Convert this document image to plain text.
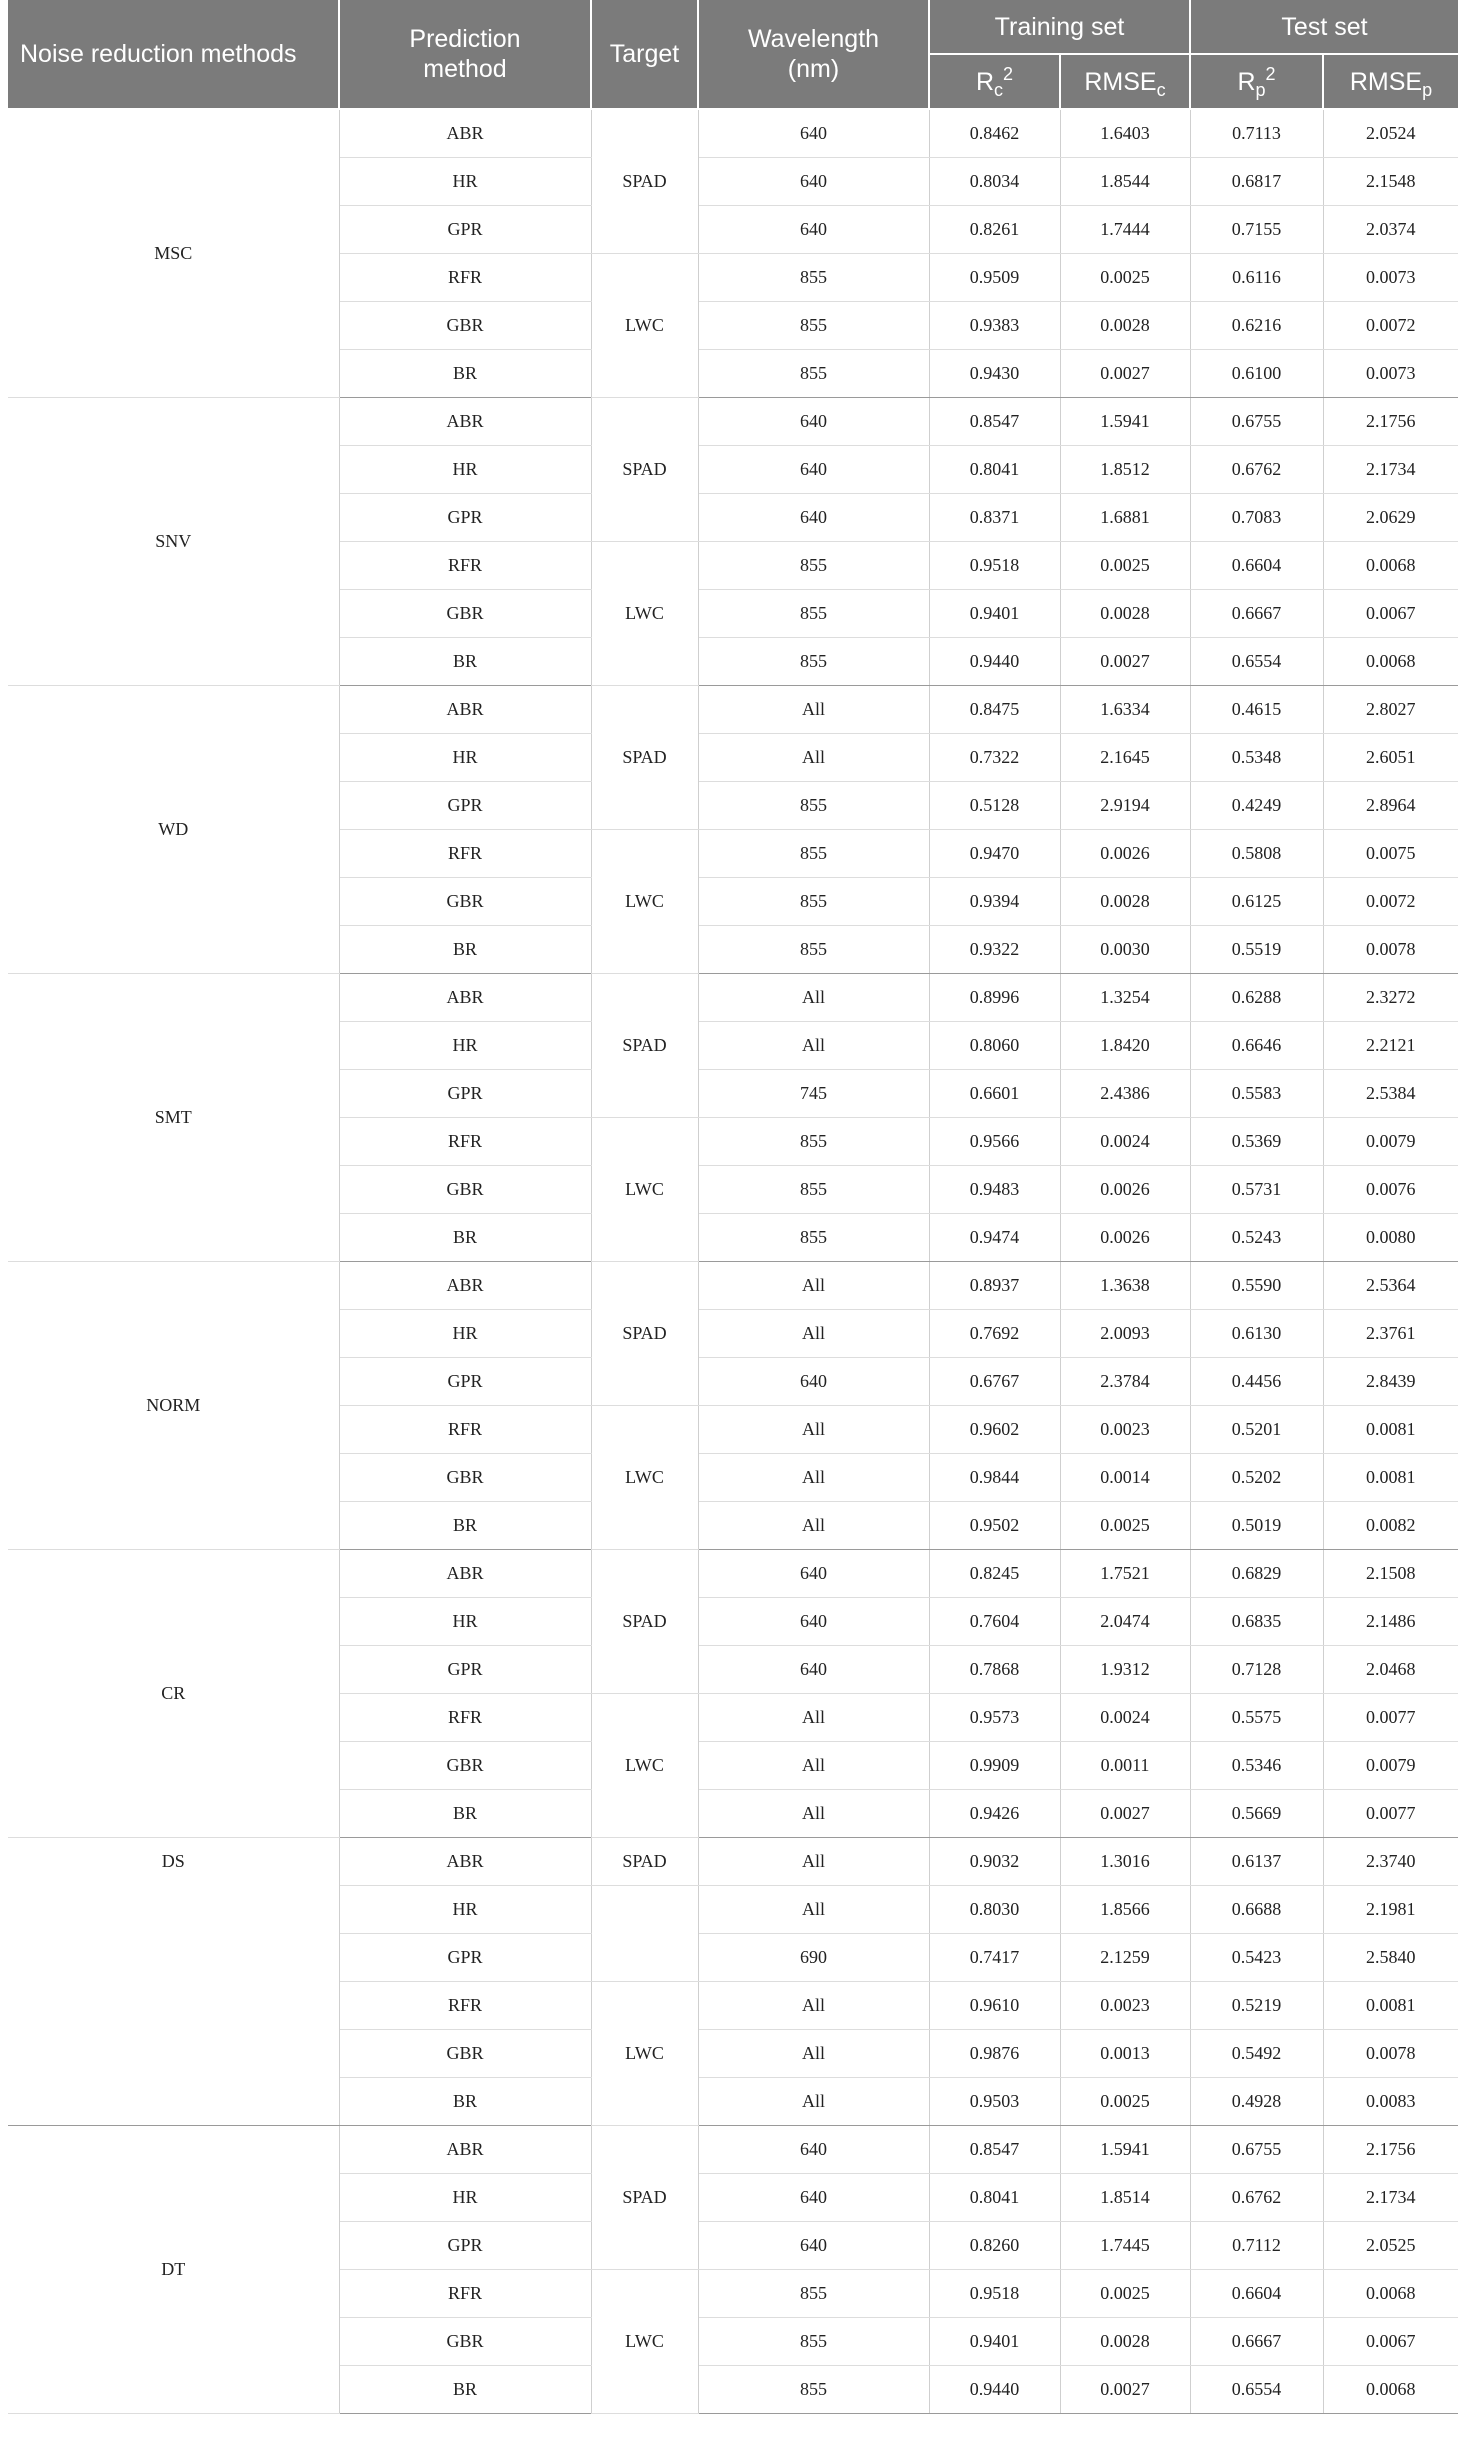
Noise reduction methods	Prediction method	Target	Wavelength (nm)	Training set		Test set	
				$R_c^2$	$RMSE_c$	$R_p^2$	$RMSE_p$
MSC	ABR	SPAD	640	0.8462	1.6403	0.7113	2.0524
	HR		640	0.8034	1.8544	0.6817	2.1548
	GPR		640	0.8261	1.7444	0.7155	2.0374
	RFR	LWC	855	0.9509	0.0025	0.6116	0.0073
	GBR		855	0.9383	0.0028	0.6216	0.0072
	BR		855	0.9430	0.0027	0.6100	0.0073
SNV	ABR	SPAD	640	0.8547	1.5941	0.6755	2.1756
	HR		640	0.8041	1.8512	0.6762	2.1734
	GPR		640	0.8371	1.6881	0.7083	2.0629
	RFR	LWC	855	0.9518	0.0025	0.6604	0.0068
	GBR		855	0.9401	0.0028	0.6667	0.0067
	BR		855	0.9440	0.0027	0.6554	0.0068
WD	ABR	SPAD	All	0.8475	1.6334	0.4615	2.8027
	HR		All	0.7322	2.1645	0.5348	2.6051
	GPR		855	0.5128	2.9194	0.4249	2.8964
	RFR	LWC	855	0.9470	0.0026	0.5808	0.0075
	GBR		855	0.9394	0.0028	0.6125	0.0072
	BR		855	0.9322	0.0030	0.5519	0.0078
SMT	ABR	SPAD	All	0.8996	1.3254	0.6288	2.3272
	HR		All	0.8060	1.8420	0.6646	2.2121
	GPR		745	0.6601	2.4386	0.5583	2.5384
	RFR	LWC	855	0.9566	0.0024	0.5369	0.0079
	GBR		855	0.9483	0.0026	0.5731	0.0076
	BR		855	0.9474	0.0026	0.5243	0.0080
NORM	ABR	SPAD	All	0.8937	1.3638	0.5590	2.5364
	HR		All	0.7692	2.0093	0.6130	2.3761
	GPR		640	0.6767	2.3784	0.4456	2.8439
	RFR	LWC	All	0.9602	0.0023	0.5201	0.0081
	GBR		All	0.9844	0.0014	0.5202	0.0081
	BR		All	0.9502	0.0025	0.5019	0.0082
CR	ABR	SPAD	640	0.8245	1.7521	0.6829	2.1508
	HR		640	0.7604	2.0474	0.6835	2.1486
	GPR		640	0.7868	1.9312	0.7128	2.0468
	RFR	LWC	All	0.9573	0.0024	0.5575	0.0077
	GBR		All	0.9909	0.0011	0.5346	0.0079
	BR		All	0.9426	0.0027	0.5669	0.0077
DS	ABR	SPAD	All	0.9032	1.3016	0.6137	2.3740
	HR		All	0.8030	1.8566	0.6688	2.1981
	GPR		690	0.7417	2.1259	0.5423	2.5840
	RFR	LWC	All	0.9610	0.0023	0.5219	0.0081
	GBR		All	0.9876	0.0013	0.5492	0.0078
	BR		All	0.9503	0.0025	0.4928	0.0083
DT	ABR	SPAD	640	0.8547	1.5941	0.6755	2.1756
	HR		640	0.8041	1.8514	0.6762	2.1734
	GPR		640	0.8260	1.7445	0.7112	2.0525
	RFR	LWC	855	0.9518	0.0025	0.6604	0.0068
	GBR		855	0.9401	0.0028	0.6667	0.0067
	BR		855	0.9440	0.0027	0.6554	0.0068
